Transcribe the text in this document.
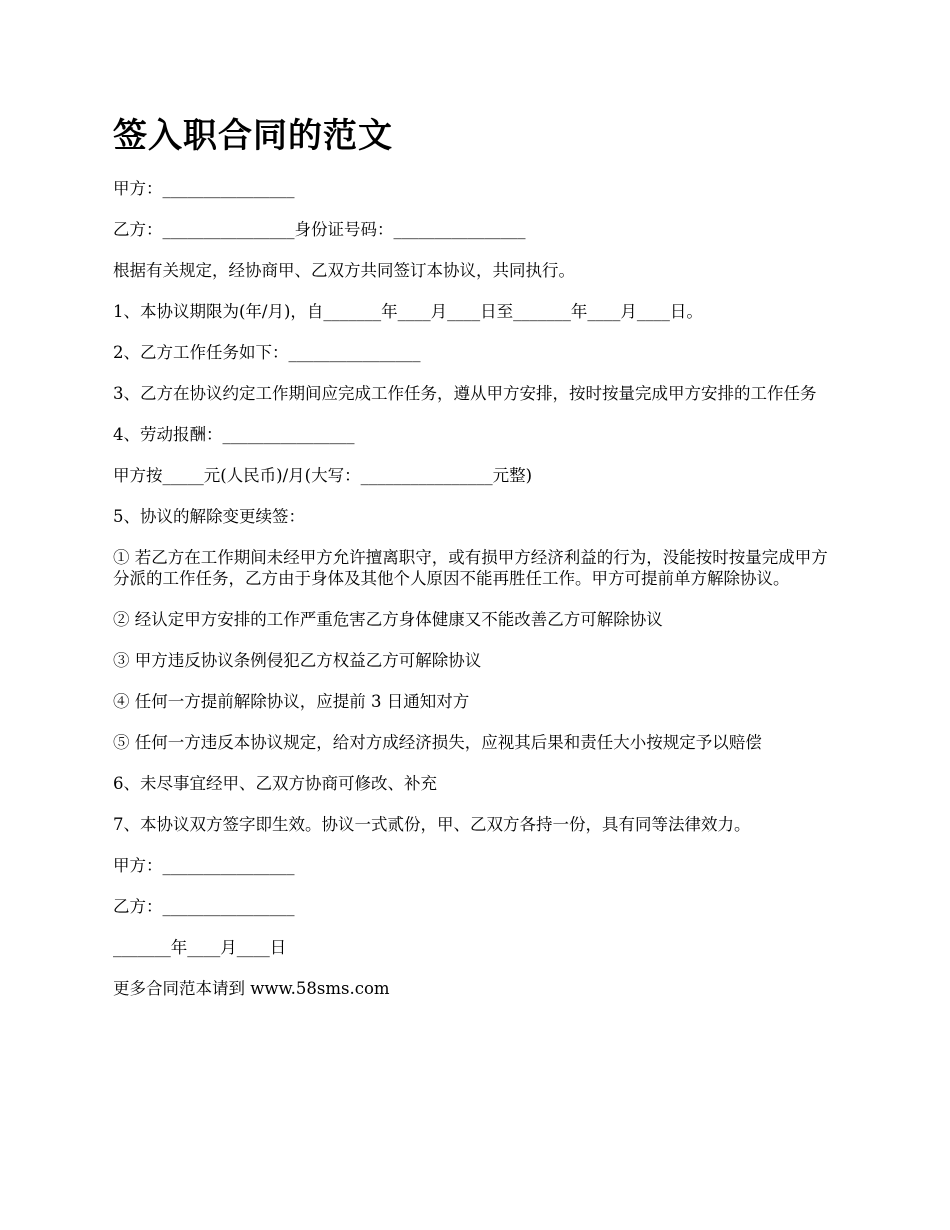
签入职合同的范文

甲方：________________

乙方：________________身份证号码：________________

根据有关规定，经协商甲、乙双方共同签订本协议，共同执行。

1、本协议期限为(年/月)，自_______年____月____日至_______年____月____日。

2、乙方工作任务如下：________________

3、乙方在协议约定工作期间应完成工作任务，遵从甲方安排，按时按量完成甲方安排的工作任务

4、劳动报酬：________________

甲方按_____元(人民币)/月(大写：________________元整)

5、协议的解除变更续签：

① 若乙方在工作期间未经甲方允许擅离职守，或有损甲方经济利益的行为，没能按时按量完成甲方分派的工作任务，乙方由于身体及其他个人原因不能再胜任工作。甲方可提前单方解除协议。

② 经认定甲方安排的工作严重危害乙方身体健康又不能改善乙方可解除协议

③ 甲方违反协议条例侵犯乙方权益乙方可解除协议

④ 任何一方提前解除协议，应提前 3 日通知对方

⑤ 任何一方违反本协议规定，给对方成经济损失，应视其后果和责任大小按规定予以赔偿

6、未尽事宜经甲、乙双方协商可修改、补充

7、本协议双方签字即生效。协议一式贰份，甲、乙双方各持一份，具有同等法律效力。

甲方：________________

乙方：________________

_______年____月____日

更多合同范本请到 www.58sms.com
